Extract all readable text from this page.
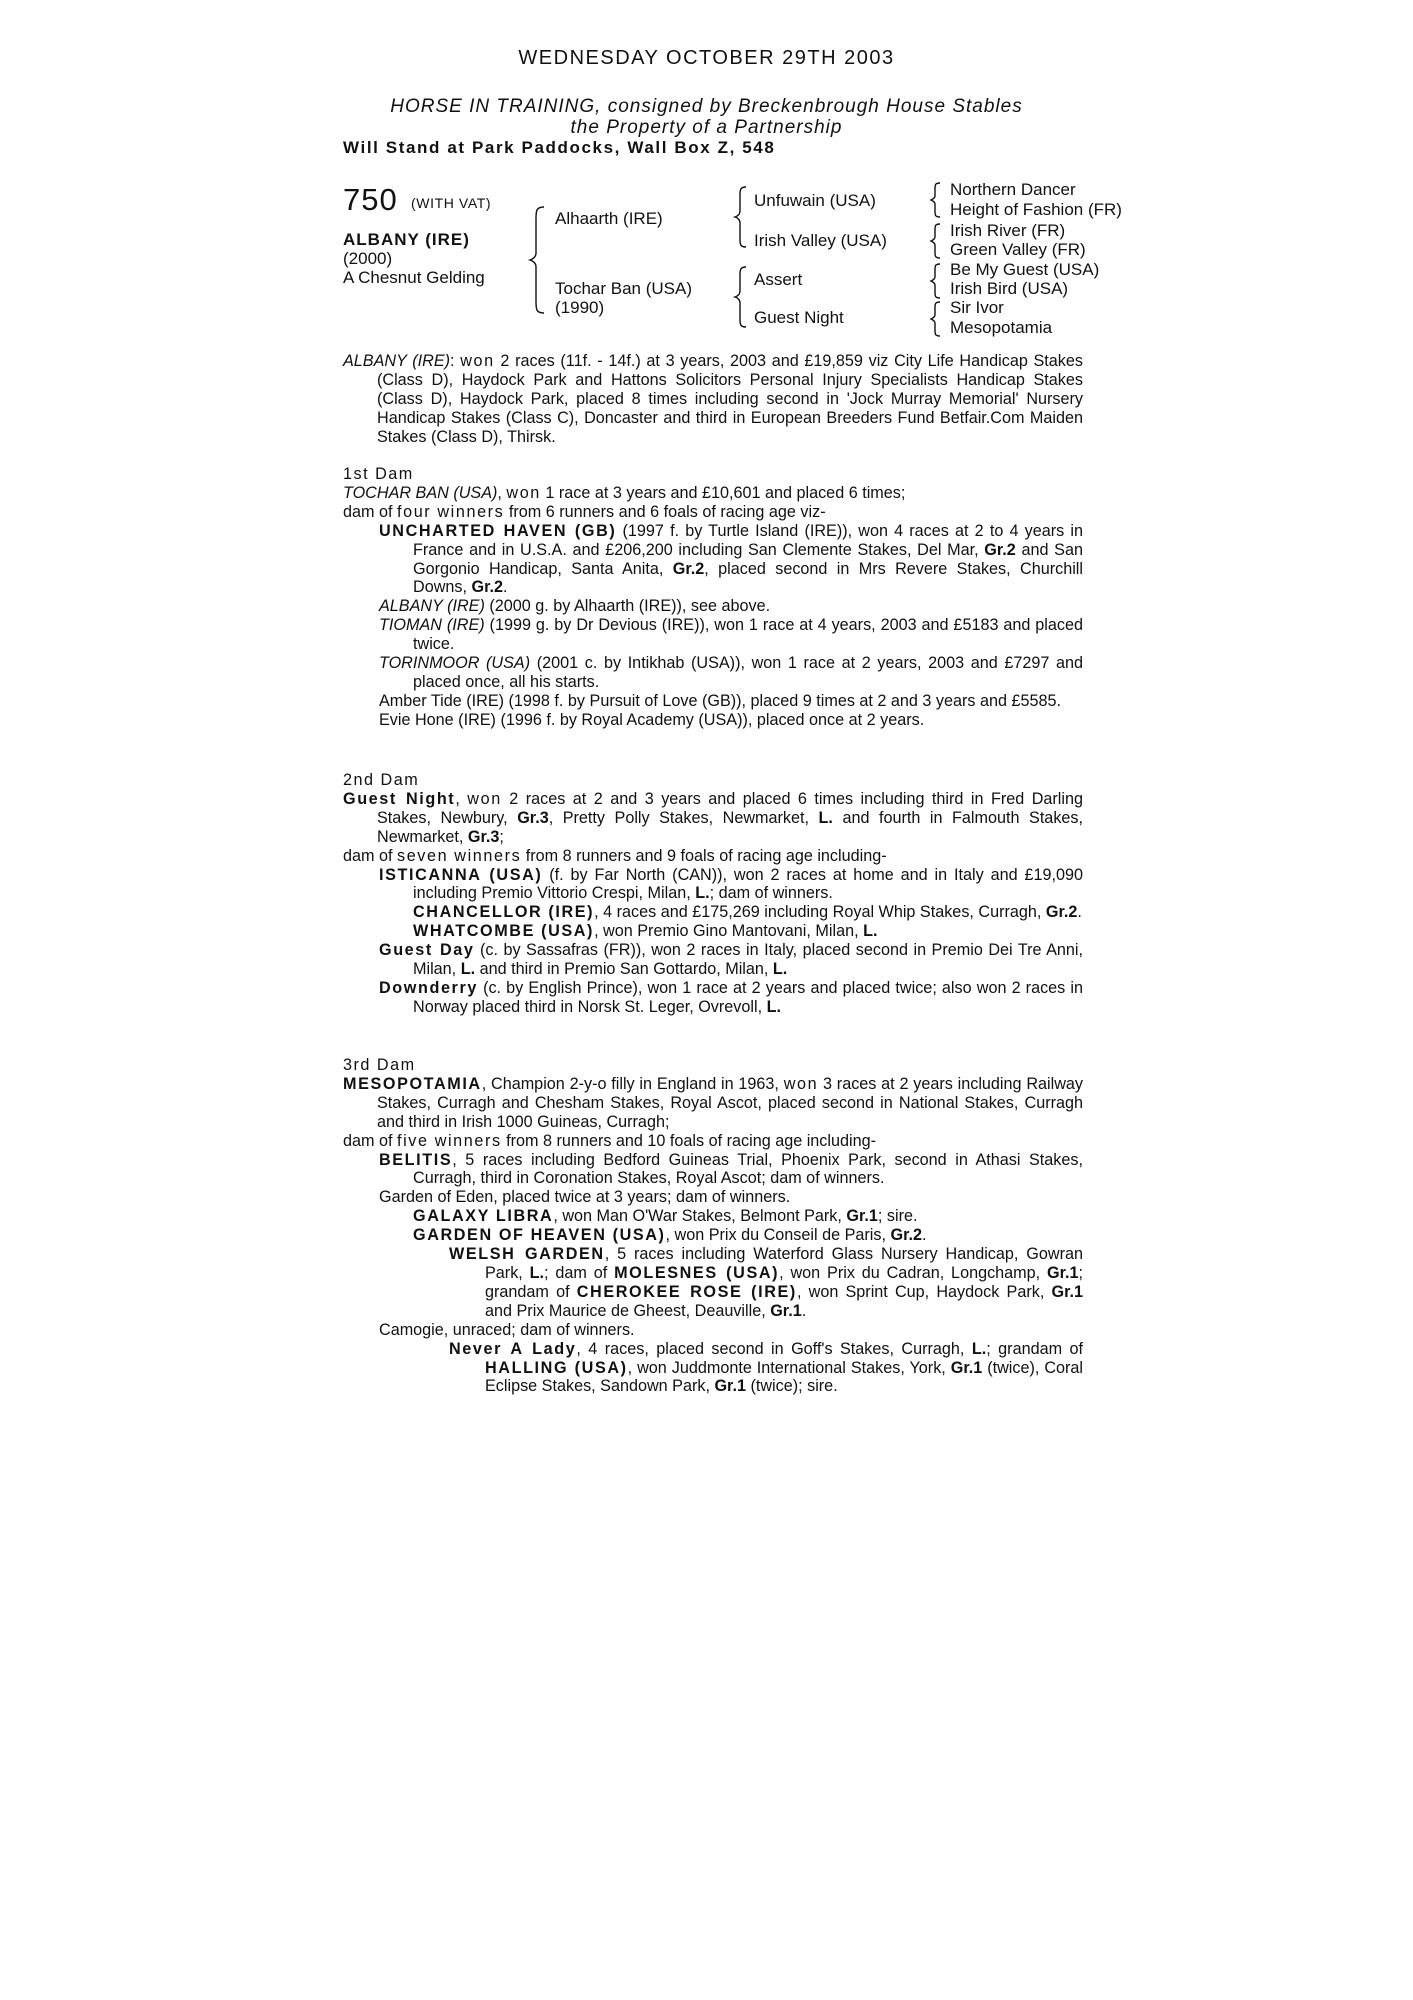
WEDNESDAY OCTOBER 29TH 2003
HORSE IN TRAINING, consigned by Breckenbrough House Stables
the Property of a Partnership
Will Stand at Park Paddocks, Wall Box Z, 548
750 (WITH VAT)
ALBANY (IRE)
(2000)
A Chesnut Gelding
Alhaarth (IRE)
Tochar Ban (USA)
(1990)
Unfuwain (USA)
Irish Valley (USA)
Assert
Guest Night
Northern Dancer
Height of Fashion (FR)
Irish River (FR)
Green Valley (FR)
Be My Guest (USA)
Irish Bird (USA)
Sir Ivor
Mesopotamia

ALBANY (IRE): won 2 races (11f. - 14f.) at 3 years, 2003 and £19,859 viz City Life Handicap Stakes (Class D), Haydock Park and Hattons Solicitors Personal Injury Specialists Handicap Stakes (Class D), Haydock Park, placed 8 times including second in 'Jock Murray Memorial' Nursery Handicap Stakes (Class C), Doncaster and third in European Breeders Fund Betfair.Com Maiden Stakes (Class D), Thirsk.

1st Dam

TOCHAR BAN (USA), won 1 race at 3 years and £10,601 and placed 6 times;

dam of four winners from 6 runners and 6 foals of racing age viz-

UNCHARTED HAVEN (GB) (1997 f. by Turtle Island (IRE)), won 4 races at 2 to 4 years in France and in U.S.A. and £206,200 including San Clemente Stakes, Del Mar, Gr.2 and San Gorgonio Handicap, Santa Anita, Gr.2, placed second in Mrs Revere Stakes, Churchill Downs, Gr.2.

ALBANY (IRE) (2000 g. by Alhaarth (IRE)), see above.

TIOMAN (IRE) (1999 g. by Dr Devious (IRE)), won 1 race at 4 years, 2003 and £5183 and placed twice.

TORINMOOR (USA) (2001 c. by Intikhab (USA)), won 1 race at 2 years, 2003 and £7297 and placed once, all his starts.

Amber Tide (IRE) (1998 f. by Pursuit of Love (GB)), placed 9 times at 2 and 3 years and £5585.

Evie Hone (IRE) (1996 f. by Royal Academy (USA)), placed once at 2 years.

2nd Dam

Guest Night, won 2 races at 2 and 3 years and placed 6 times including third in Fred Darling Stakes, Newbury, Gr.3, Pretty Polly Stakes, Newmarket, L. and fourth in Falmouth Stakes, Newmarket, Gr.3;

dam of seven winners from 8 runners and 9 foals of racing age including-

ISTICANNA (USA) (f. by Far North (CAN)), won 2 races at home and in Italy and £19,090 including Premio Vittorio Crespi, Milan, L.; dam of winners.

CHANCELLOR (IRE), 4 races and £175,269 including Royal Whip Stakes, Curragh, Gr.2.

WHATCOMBE (USA), won Premio Gino Mantovani, Milan, L.

Guest Day (c. by Sassafras (FR)), won 2 races in Italy, placed second in Premio Dei Tre Anni, Milan, L. and third in Premio San Gottardo, Milan, L.

Downderry (c. by English Prince), won 1 race at 2 years and placed twice; also won 2 races in Norway placed third in Norsk St. Leger, Ovrevoll, L.

3rd Dam

MESOPOTAMIA, Champion 2-y-o filly in England in 1963, won 3 races at 2 years including Railway Stakes, Curragh and Chesham Stakes, Royal Ascot, placed second in National Stakes, Curragh and third in Irish 1000 Guineas, Curragh;

dam of five winners from 8 runners and 10 foals of racing age including-

BELITIS, 5 races including Bedford Guineas Trial, Phoenix Park, second in Athasi Stakes, Curragh, third in Coronation Stakes, Royal Ascot; dam of winners.

Garden of Eden, placed twice at 3 years; dam of winners.

GALAXY LIBRA, won Man O'War Stakes, Belmont Park, Gr.1; sire.

GARDEN OF HEAVEN (USA), won Prix du Conseil de Paris, Gr.2.

WELSH GARDEN, 5 races including Waterford Glass Nursery Handicap, Gowran Park, L.; dam of MOLESNES (USA), won Prix du Cadran, Longchamp, Gr.1; grandam of CHEROKEE ROSE (IRE), won Sprint Cup, Haydock Park, Gr.1 and Prix Maurice de Gheest, Deauville, Gr.1.

Camogie, unraced; dam of winners.

Never A Lady, 4 races, placed second in Goff's Stakes, Curragh, L.; grandam of HALLING (USA), won Juddmonte International Stakes, York, Gr.1 (twice), Coral Eclipse Stakes, Sandown Park, Gr.1 (twice); sire.
